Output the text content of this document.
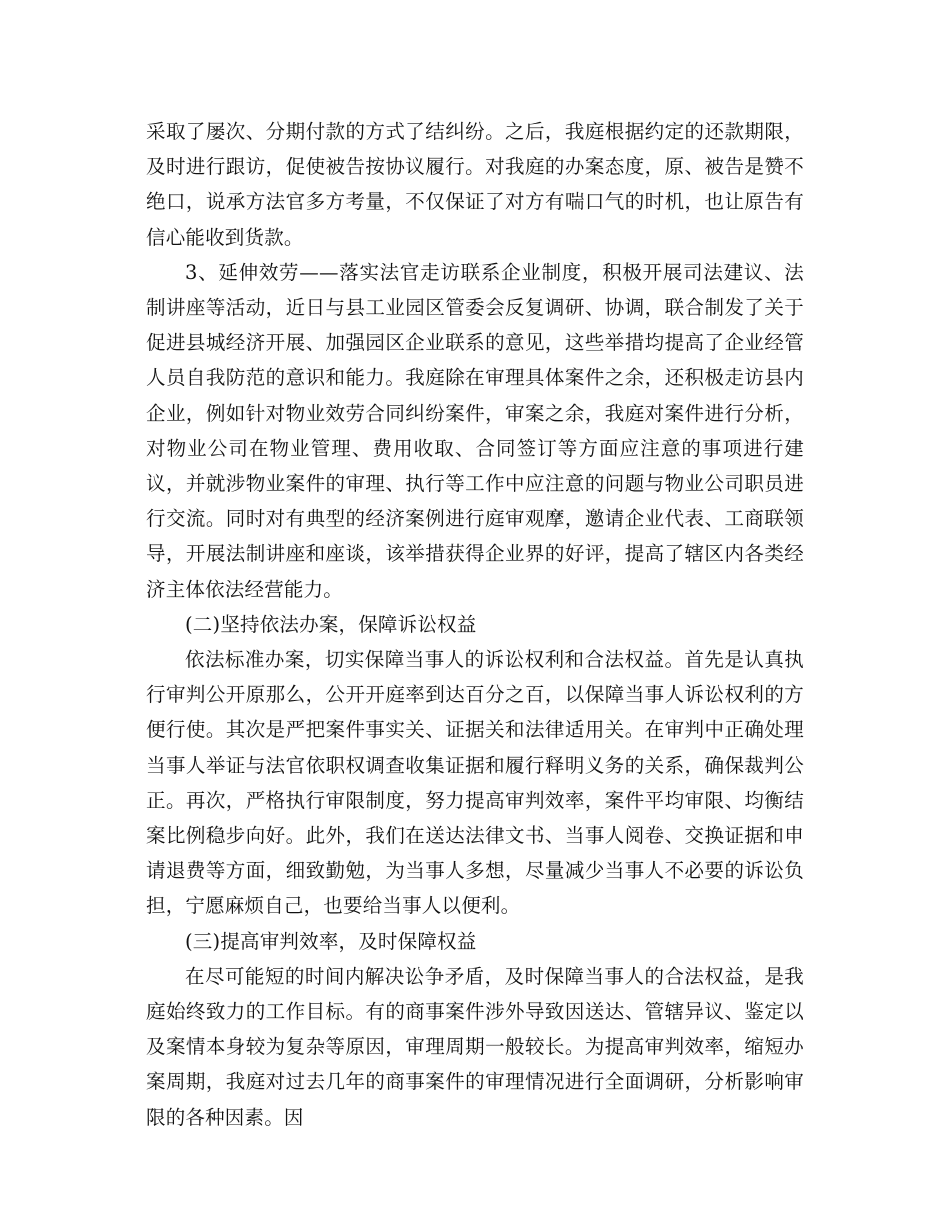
采取了屡次、分期付款的方式了结纠纷。之后，我庭根据约定的还款期限，及时进行跟访，促使被告按协议履行。对我庭的办案态度，原、被告是赞不绝口，说承方法官多方考量，不仅保证了对方有喘口气的时机，也让原告有信心能收到货款。

3、延伸效劳——落实法官走访联系企业制度，积极开展司法建议、法制讲座等活动，近日与县工业园区管委会反复调研、协调，联合制发了关于促进县城经济开展、加强园区企业联系的意见，这些举措均提高了企业经管人员自我防范的意识和能力。我庭除在审理具体案件之余，还积极走访县内企业，例如针对物业效劳合同纠纷案件，审案之余，我庭对案件进行分析，对物业公司在物业管理、费用收取、合同签订等方面应注意的事项进行建议，并就涉物业案件的审理、执行等工作中应注意的问题与物业公司职员进行交流。同时对有典型的经济案例进行庭审观摩，邀请企业代表、工商联领导，开展法制讲座和座谈，该举措获得企业界的好评，提高了辖区内各类经济主体依法经营能力。

(二)坚持依法办案，保障诉讼权益

依法标准办案，切实保障当事人的诉讼权利和合法权益。首先是认真执行审判公开原那么，公开开庭率到达百分之百，以保障当事人诉讼权利的方便行使。其次是严把案件事实关、证据关和法律适用关。在审判中正确处理当事人举证与法官依职权调查收集证据和履行释明义务的关系，确保裁判公正。再次，严格执行审限制度，努力提高审判效率，案件平均审限、均衡结案比例稳步向好。此外，我们在送达法律文书、当事人阅卷、交换证据和申请退费等方面，细致勤勉，为当事人多想，尽量减少当事人不必要的诉讼负担，宁愿麻烦自己，也要给当事人以便利。

(三)提高审判效率，及时保障权益

在尽可能短的时间内解决讼争矛盾，及时保障当事人的合法权益，是我庭始终致力的工作目标。有的商事案件涉外导致因送达、管辖异议、鉴定以及案情本身较为复杂等原因，审理周期一般较长。为提高审判效率，缩短办案周期，我庭对过去几年的商事案件的审理情况进行全面调研，分析影响审限的各种因素。因
